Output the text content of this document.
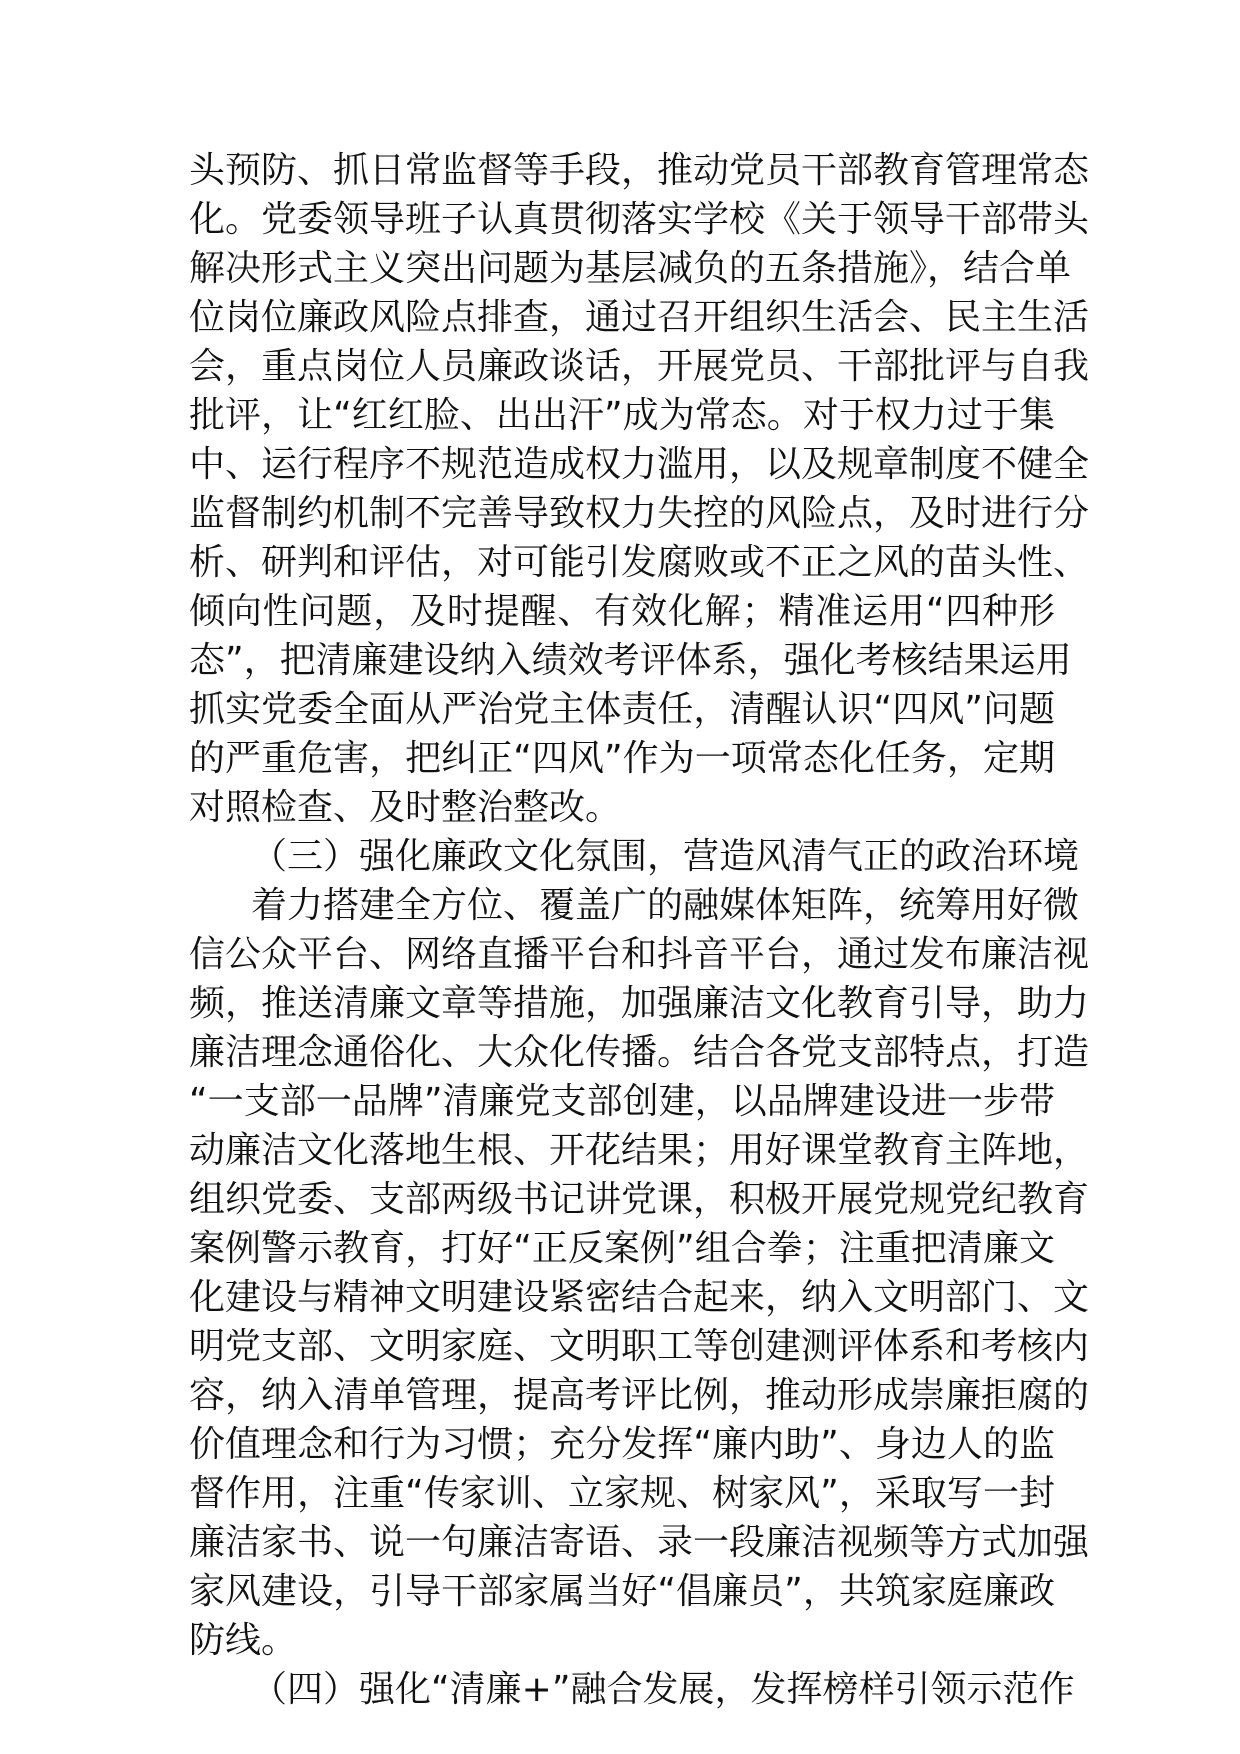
头预防、抓日常监督等手段，推动党员干部教育管理常态
化。党委领导班子认真贯彻落实学校《关于领导干部带头
解决形式主义突出问题为基层减负的五条措施》，结合单
位岗位廉政风险点排查，通过召开组织生活会、民主生活
会，重点岗位人员廉政谈话，开展党员、干部批评与自我
批评，让“红红脸、出出汗”成为常态。对于权力过于集
中、运行程序不规范造成权力滥用，以及规章制度不健全
监督制约机制不完善导致权力失控的风险点，及时进行分
析、研判和评估，对可能引发腐败或不正之风的苗头性、
倾向性问题，及时提醒、有效化解；精准运用“四种形
态”，把清廉建设纳入绩效考评体系，强化考核结果运用
抓实党委全面从严治党主体责任，清醒认识“四风”问题
的严重危害，把纠正“四风”作为一项常态化任务，定期
对照检查、及时整治整改。
（三）强化廉政文化氛围，营造风清气正的政治环境
着力搭建全方位、覆盖广的融媒体矩阵，统筹用好微
信公众平台、网络直播平台和抖音平台，通过发布廉洁视
频，推送清廉文章等措施，加强廉洁文化教育引导，助力
廉洁理念通俗化、大众化传播。结合各党支部特点，打造
“一支部一品牌”清廉党支部创建，以品牌建设进一步带
动廉洁文化落地生根、开花结果；用好课堂教育主阵地，
组织党委、支部两级书记讲党课，积极开展党规党纪教育
案例警示教育，打好“正反案例”组合拳；注重把清廉文
化建设与精神文明建设紧密结合起来，纳入文明部门、文
明党支部、文明家庭、文明职工等创建测评体系和考核内
容，纳入清单管理，提高考评比例，推动形成崇廉拒腐的
价值理念和行为习惯；充分发挥“廉内助”、身边人的监
督作用，注重“传家训、立家规、树家风”，采取写一封
廉洁家书、说一句廉洁寄语、录一段廉洁视频等方式加强
家风建设，引导干部家属当好“倡廉员”，共筑家庭廉政
防线。
（四）强化“清廉+”融合发展，发挥榜样引领示范作
